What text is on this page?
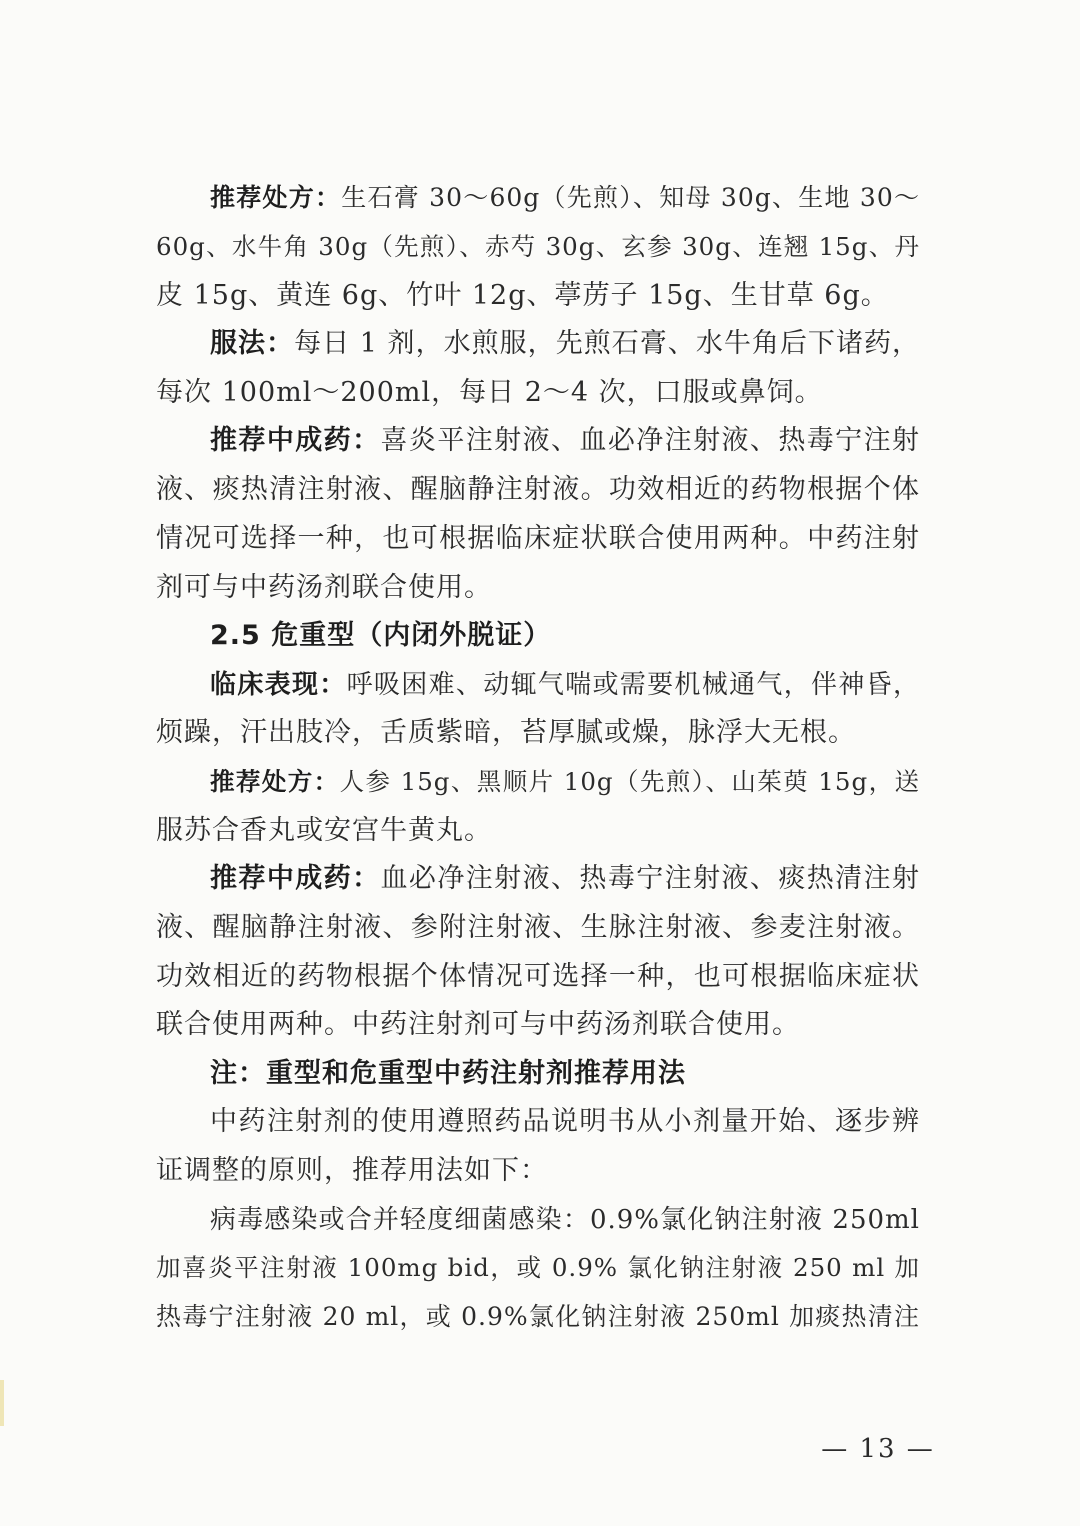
推荐处方：生石膏 30～60g（先煎）、知母 30g、生地 30～
60g、水牛角 30g（先煎）、赤芍 30g、玄参 30g、连翘 15g、丹
皮 15g、黄连 6g、竹叶 12g、葶苈子 15g、生甘草 6g。
服法：每日 1 剂，水煎服，先煎石膏、水牛角后下诸药，
每次 100ml～200ml，每日 2～4 次，口服或鼻饲。
推荐中成药：喜炎平注射液、血必净注射液、热毒宁注射
液、痰热清注射液、醒脑静注射液。功效相近的药物根据个体
情况可选择一种，也可根据临床症状联合使用两种。中药注射
剂可与中药汤剂联合使用。
2.5 危重型（内闭外脱证）
临床表现：呼吸困难、动辄气喘或需要机械通气，伴神昏，
烦躁，汗出肢冷，舌质紫暗，苔厚腻或燥，脉浮大无根。
推荐处方：人参 15g、黑顺片 10g（先煎）、山茱萸 15g，送
服苏合香丸或安宫牛黄丸。
推荐中成药：血必净注射液、热毒宁注射液、痰热清注射
液、醒脑静注射液、参附注射液、生脉注射液、参麦注射液。
功效相近的药物根据个体情况可选择一种，也可根据临床症状
联合使用两种。中药注射剂可与中药汤剂联合使用。
注：重型和危重型中药注射剂推荐用法
中药注射剂的使用遵照药品说明书从小剂量开始、逐步辨
证调整的原则，推荐用法如下：
病毒感染或合并轻度细菌感染：0.9%氯化钠注射液 250ml
加喜炎平注射液 100mg bid，或 0.9% 氯化钠注射液 250 ml 加
热毒宁注射液 20 ml，或 0.9%氯化钠注射液 250ml 加痰热清注
— 13 —
